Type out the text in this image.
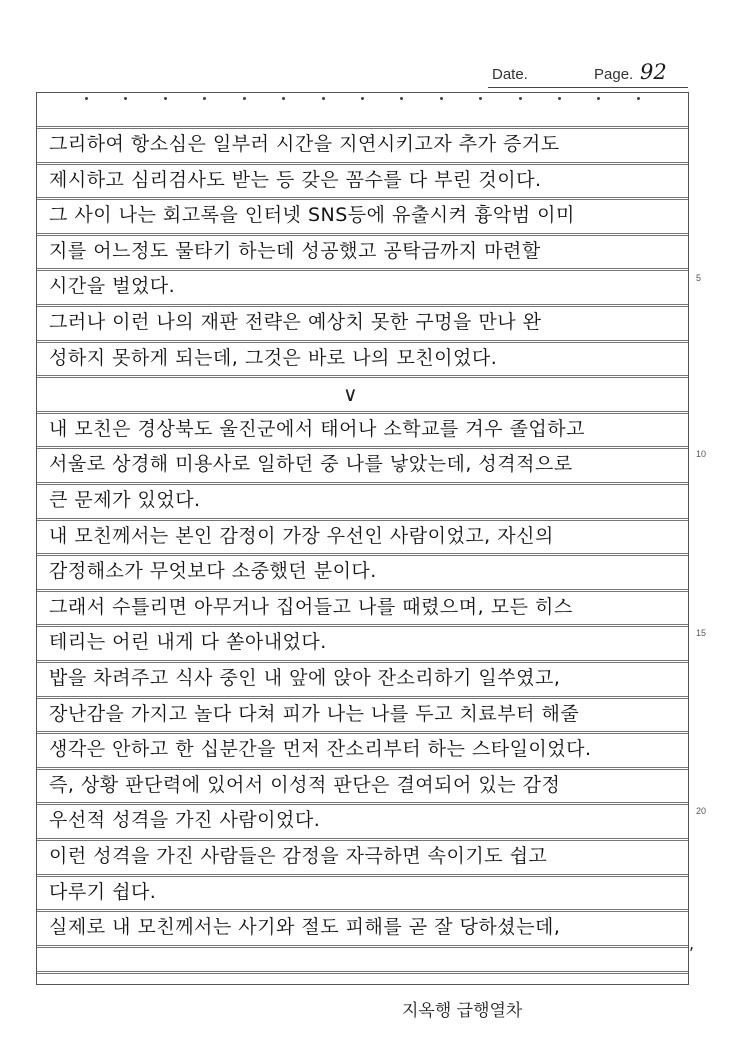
Date.	Page. 92
그리하여 항소심은 일부러 시간을 지연시키고자 추가 증거도
제시하고 심리검사도 받는 등 갖은 꼼수를 다 부린 것이다.
그 사이 나는 회고록을 인터넷 SNS등에 유출시켜 흉악범 이미
지를 어느정도 물타기 하는데 성공했고 공탁금까지 마련할
시간을 벌었다.
그러나 이런 나의 재판 전략은 예상치 못한 구멍을 만나 완
성하지 못하게 되는데, 그것은 바로 나의 모친이었다.
내 모친은 경상북도 울진군에서 태어나 소학교를 겨우 졸업하고
서울로 상경해 미용사로 일하던 중 나를 낳았는데, 성격적으로
큰 문제가 있었다.
내 모친께서는 본인 감정이 가장 우선인 사람이었고, 자신의
감정해소가 무엇보다 소중했던 분이다.
그래서 수틀리면 아무거나 집어들고 나를 때렸으며, 모든 히스
테리는 어린 내게 다 쏟아내었다.
밥을 차려주고 식사 중인 내 앞에 앉아 잔소리하기 일쑤였고,
장난감을 가지고 놀다 다쳐 피가 나는 나를 두고 치료부터 해줄
생각은 안하고 한 십분간을 먼저 잔소리부터 하는 스타일이었다.
즉, 상황 판단력에 있어서 이성적 판단은 결여되어 있는 감정
우선적 성격을 가진 사람이었다.
이런 성격을 가진 사람들은 감정을 자극하면 속이기도 쉽고
다루기 쉽다.
실제로 내 모친께서는 사기와 절도 피해를 곧 잘 당하셨는데,
∨
,
5
10
15
20
지옥행 급행열차
